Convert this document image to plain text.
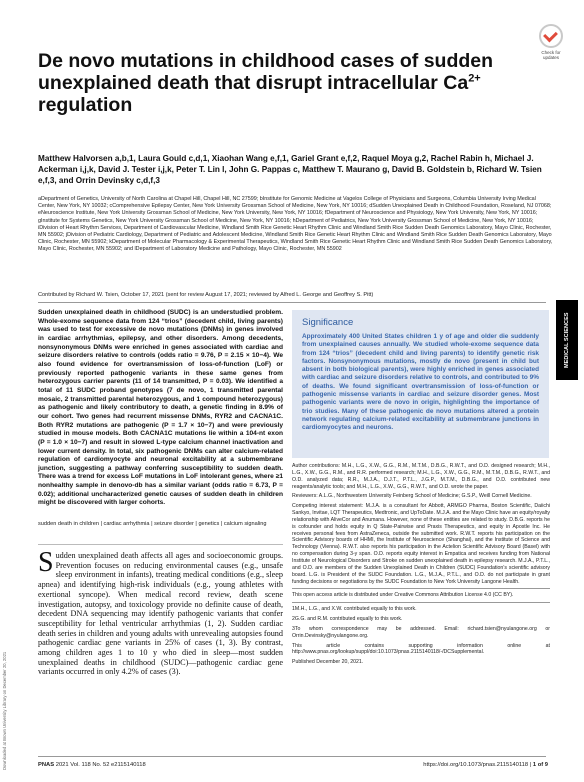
Downloaded at Brown University Library on December 20, 2021
Check for updates
De novo mutations in childhood cases of sudden unexplained death that disrupt intracellular $Ca^{2+}$ regulation
Matthew Halvorsen a,b,1, Laura Gould c,d,1, Xiaohan Wang e,f,1, Gariel Grant e,f,2, Raquel Moya g,2, Rachel Rabin h, Michael J. Ackerman i,j,k, David J. Tester i,j,k, Peter T. Lin l, John G. Pappas c, Matthew T. Maurano g, David B. Goldstein b, Richard W. Tsien e,f,3, and Orrin Devinsky c,d,f,3
aDepartment of Genetics, University of North Carolina at Chapel Hill, Chapel Hill, NC 27599; bInstitute for Genomic Medicine at Vagelos College of Physicians and Surgeons, Columbia University Irving Medical Center, New York, NY 10032; cComprehensive Epilepsy Center, New York University Grossman School of Medicine, New York, NY 10016; dSudden Unexplained Death in Childhood Foundation, Roseland, NJ 07068; eNeuroscience Institute, New York University Grossman School of Medicine, New York University, New York, NY 10016; fDepartment of Neuroscience and Physiology, New York University, New York, NY 10016; gInstitute for Systems Genetics, New York University Grossman School of Medicine, New York, NY 10016; hDepartment of Pediatrics, New York University Grossman School of Medicine, New York, NY 10016; iDivision of Heart Rhythm Services, Department of Cardiovascular Medicine, Windland Smith Rice Genetic Heart Rhythm Clinic and Windland Smith Rice Sudden Death Genomics Laboratory, Mayo Clinic, Rochester, MN 55902; jDivision of Pediatric Cardiology, Department of Pediatric and Adolescent Medicine, Windland Smith Rice Genetic Heart Rhythm Clinic and Windland Smith Rice Sudden Death Genomics Laboratory, Mayo Clinic, Rochester, MN 55902; kDepartment of Molecular Pharmacology & Experimental Therapeutics, Windland Smith Rice Genetic Heart Rhythm Clinic and Windland Smith Rice Sudden Death Genomics Laboratory, Mayo Clinic, Rochester, MN 55902; and lDepartment of Laboratory Medicine and Pathology, Mayo Clinic, Rochester, MN 55902
Contributed by Richard W. Tsien, October 17, 2021 (sent for review August 17, 2021; reviewed by Alfred L. George and Geoffrey S. Pitt)

Sudden unexplained death in childhood (SUDC) is an understudied problem. Whole-exome sequence data from 124 “trios” (decedent child, living parents) was used to test for excessive de novo mutations (DNMs) in genes involved in cardiac arrhythmias, epilepsy, and other disorders. Among decedents, nonsynonymous DNMs were enriched in genes associated with cardiac and seizure disorders relative to controls (odds ratio = 9.76, P = 2.15 × 10−4). We also found evidence for overtransmission of loss-of-function (LoF) or previously reported pathogenic variants in these same genes from heterozygous carrier parents (11 of 14 transmitted, P = 0.03). We identified a total of 11 SUDC proband genotypes (7 de novo, 1 transmitted parental mosaic, 2 transmitted parental heterozygous, and 1 compound heterozygous) as pathogenic and likely contributory to death, a genetic finding in 8.9% of our cohort. Two genes had recurrent missense DNMs, RYR2 and CACNA1C. Both RYR2 mutations are pathogenic (P = 1.7 × 10−7) and were previously studied in mouse models. Both CACNA1C mutations lie within a 104-nt exon (P = 1.0 × 10−7) and result in slowed L-type calcium channel inactivation and lower current density. In total, six pathogenic DNMs can alter calcium-related regulation of cardiomyocyte and neuronal excitability at a submembrane junction, suggesting a pathway conferring susceptibility to sudden death. There was a trend for excess LoF mutations in LoF intolerant genes, where ≥1 nonhealthy sample in denovo-db has a similar variant (odds ratio = 6.73, P = 0.02); additional uncharacterized genetic causes of sudden death in children might be discovered with larger cohorts.

sudden death in children | cardiac arrhythmia | seizure disorder | genetics | calcium signaling

Sudden unexplained death affects all ages and socioeconomic groups. Prevention focuses on reducing environmental causes (e.g., unsafe sleep environment in infants), treating medical conditions (e.g., sleep apnea) and identifying high-risk individuals (e.g., young athletes with exertional syncope). When medical record review, death scene investigation, autopsy, and toxicology provide no definite cause of death, decedent DNA sequencing may identify pathogenic variants that confer susceptibility for lethal ventricular arrhythmias (1, 2). Sudden cardiac death series in children and young adults with unrevealing autopsies found pathogenic cardiac gene variants in 25% of cases (1, 3). By contrast, among children ages 1 to 10 y who died in sleep—most sudden unexplained deaths in childhood (SUDC)—pathogenic cardiac gene variants occurred in only 4.2% of cases (3).

Significance

Approximately 400 United States children 1 y of age and older die suddenly from unexplained causes annually. We studied whole-exome sequence data from 124 “trios” (decedent child and living parents) to identify genetic risk factors. Nonsynonymous mutations, mostly de novo (present in child but absent in both biological parents), were highly enriched in genes associated with cardiac and seizure disorders relative to controls, and contributed to 9% of deaths. We found significant overtransmission of loss-of-function or pathogenic missense variants in cardiac and seizure disorder genes. Most pathogenic variants were de novo in origin, highlighting the importance of trio studies. Many of these pathogenic de novo mutations altered a protein network regulating calcium-related excitability at submembrane junctions in cardiomyocytes and neurons.

MEDICAL SCIENCES

Author contributions: M.H., L.G., X.W., G.G., R.M., M.T.M., D.B.G., R.W.T., and O.D. designed research; M.H., L.G., X.W., G.G., R.M., and R.R. performed research; M.H., L.G., X.W., G.G., R.M., M.T.M., D.B.G., R.W.T., and O.D. analyzed data; R.R., M.J.A., D.J.T., P.T.L., J.G.P., M.T.M., D.B.G., and O.D. contributed new reagents/analytic tools; and M.H., L.G., X.W., G.G., R.W.T., and O.D. wrote the paper.

Reviewers: A.L.G., Northwestern University Feinberg School of Medicine; G.S.P., Weill Cornell Medicine.

Competing interest statement: M.J.A. is a consultant for Abbott, ARMGO Pharma, Boston Scientific, Daiichi Sankyo, Invitae, LQT Therapeutics, Medtronic, and UpToDate. M.J.A. and the Mayo Clinic have an equity/royalty relationship with AliveCor and Anumana. However, none of these entities are related to study. D.B.G. reports he is cofounder and holds equity in Q State-Pairwise and Praxis Therapeutics, and equity in Apostle Inc. He receives personal fees from AstraZeneca, outside the submitted work. R.W.T. reports his participation on the Scientific Advisory boards of HHMI, the Institute of Neuroscience (Shanghai), and the Institute of Science and Technology (Vienna). R.W.T. also reports his participation in the Actelion Scientific Advisory Board (Basel) with no compensation during 3-y span. O.D. reports equity interest in Empatica and receives funding from National Institute of Neurological Disorders and Stroke on sudden unexplained death in epilepsy research. M.J.A., P.T.L., and O.D. are members of the Sudden Unexplained Death in Children (SUDC) Foundation’s scientific advisory board. L.G. is President of the SUDC Foundation. L.G., M.J.A., P.T.L., and O.D. do not participate in grant funding decisions or negotiations by the SUDC Foundation to New York University Langone Health.

This open access article is distributed under Creative Commons Attribution License 4.0 (CC BY).

1M.H., L.G., and X.W. contributed equally to this work.

2G.G. and R.M. contributed equally to this work.

3To whom correspondence may be addressed. Email: richard.tsien@nyulangone.org or Orrin.Devinsky@nyulangone.org.

This article contains supporting information online at http://www.pnas.org/lookup/suppl/doi:10.1073/pnas.2115140118/-/DCSupplemental.

Published December 20, 2021.

PNAS 2021 Vol. 118 No. 52 e2115140118	https://doi.org/10.1073/pnas.2115140118 | 1 of 9
